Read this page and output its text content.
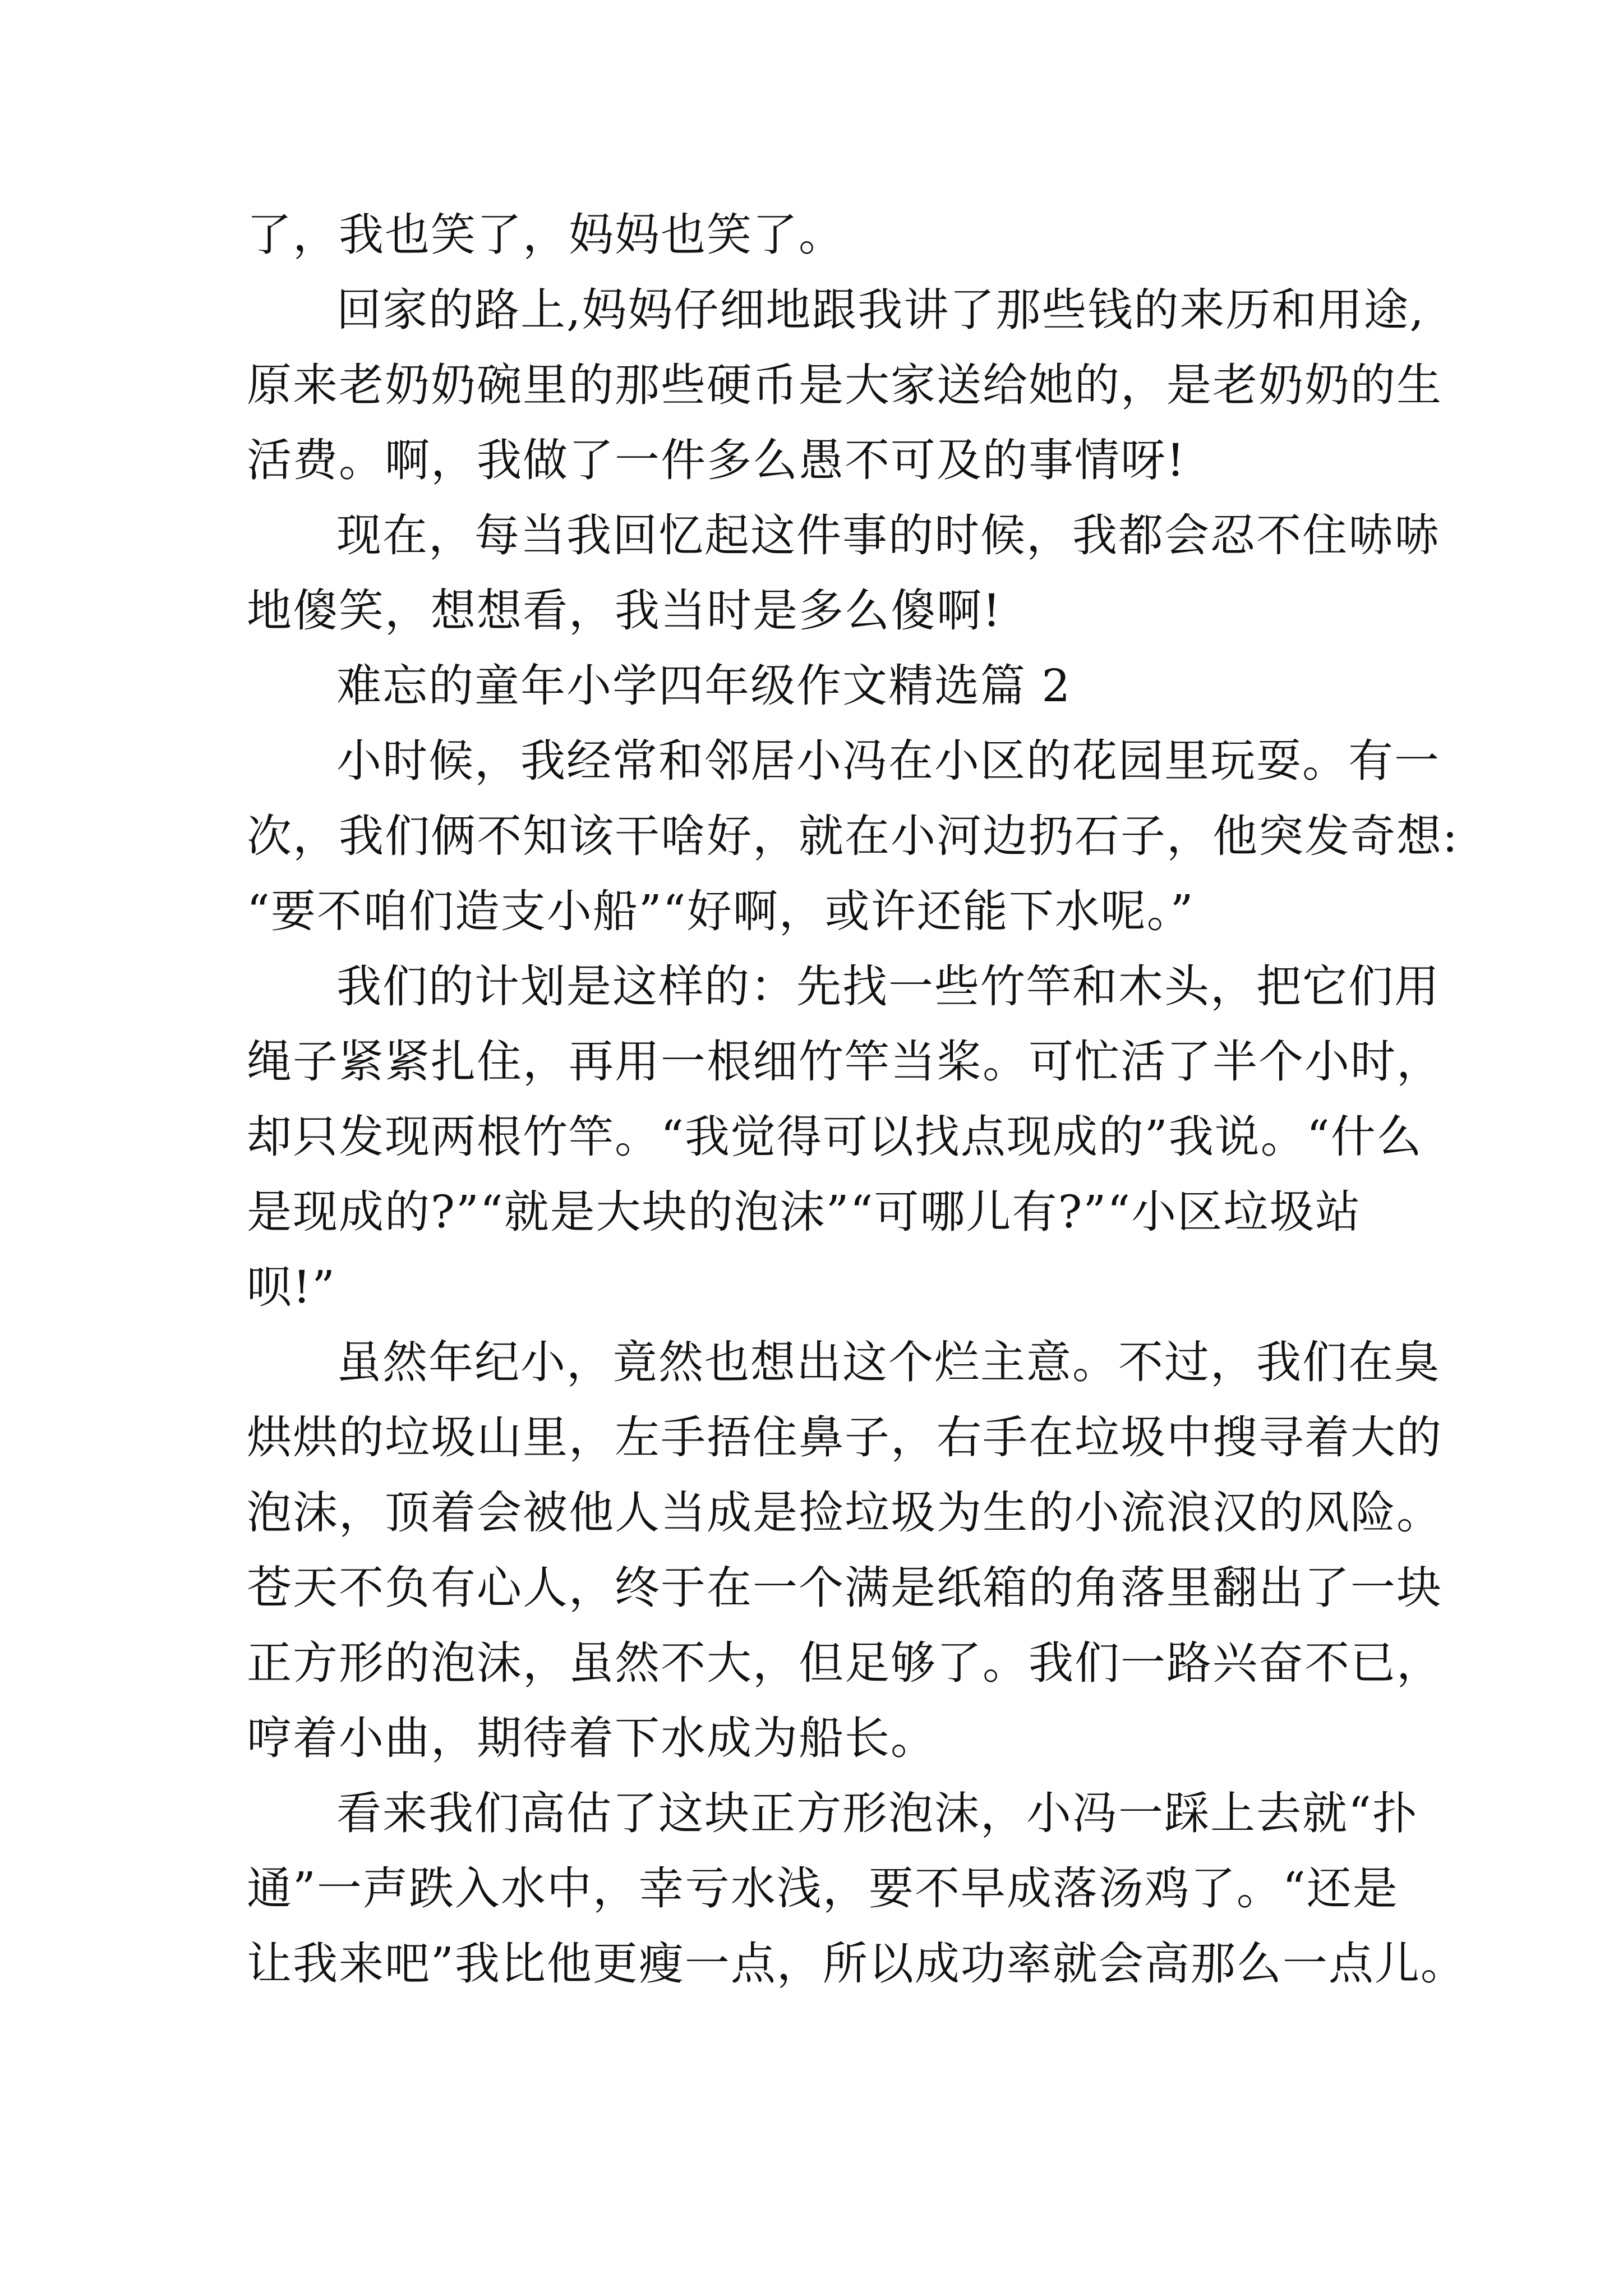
了，我也笑了，妈妈也笑了。
回家的路上,妈妈仔细地跟我讲了那些钱的来历和用途,
原来老奶奶碗里的那些硬币是大家送给她的，是老奶奶的生
活费。啊，我做了一件多么愚不可及的事情呀!
现在，每当我回忆起这件事的时候，我都会忍不住哧哧
地傻笑，想想看，我当时是多么傻啊!
难忘的童年小学四年级作文精选篇 2
小时候，我经常和邻居小冯在小区的花园里玩耍。有一
次，我们俩不知该干啥好，就在小河边扔石子，他突发奇想:
“要不咱们造支小船”“好啊，或许还能下水呢。”
我们的计划是这样的：先找一些竹竿和木头，把它们用
绳子紧紧扎住，再用一根细竹竿当桨。可忙活了半个小时，
却只发现两根竹竿。“我觉得可以找点现成的”我说。“什么
是现成的?”“就是大块的泡沫”“可哪儿有?”“小区垃圾站
呗!”
虽然年纪小，竟然也想出这个烂主意。不过，我们在臭
烘烘的垃圾山里，左手捂住鼻子，右手在垃圾中搜寻着大的
泡沫，顶着会被他人当成是捡垃圾为生的小流浪汉的风险。
苍天不负有心人，终于在一个满是纸箱的角落里翻出了一块
正方形的泡沫，虽然不大，但足够了。我们一路兴奋不已，
哼着小曲，期待着下水成为船长。
看来我们高估了这块正方形泡沫，小冯一踩上去就“扑
通”一声跌入水中，幸亏水浅，要不早成落汤鸡了。“还是
让我来吧”我比他更瘦一点，所以成功率就会高那么一点儿。
